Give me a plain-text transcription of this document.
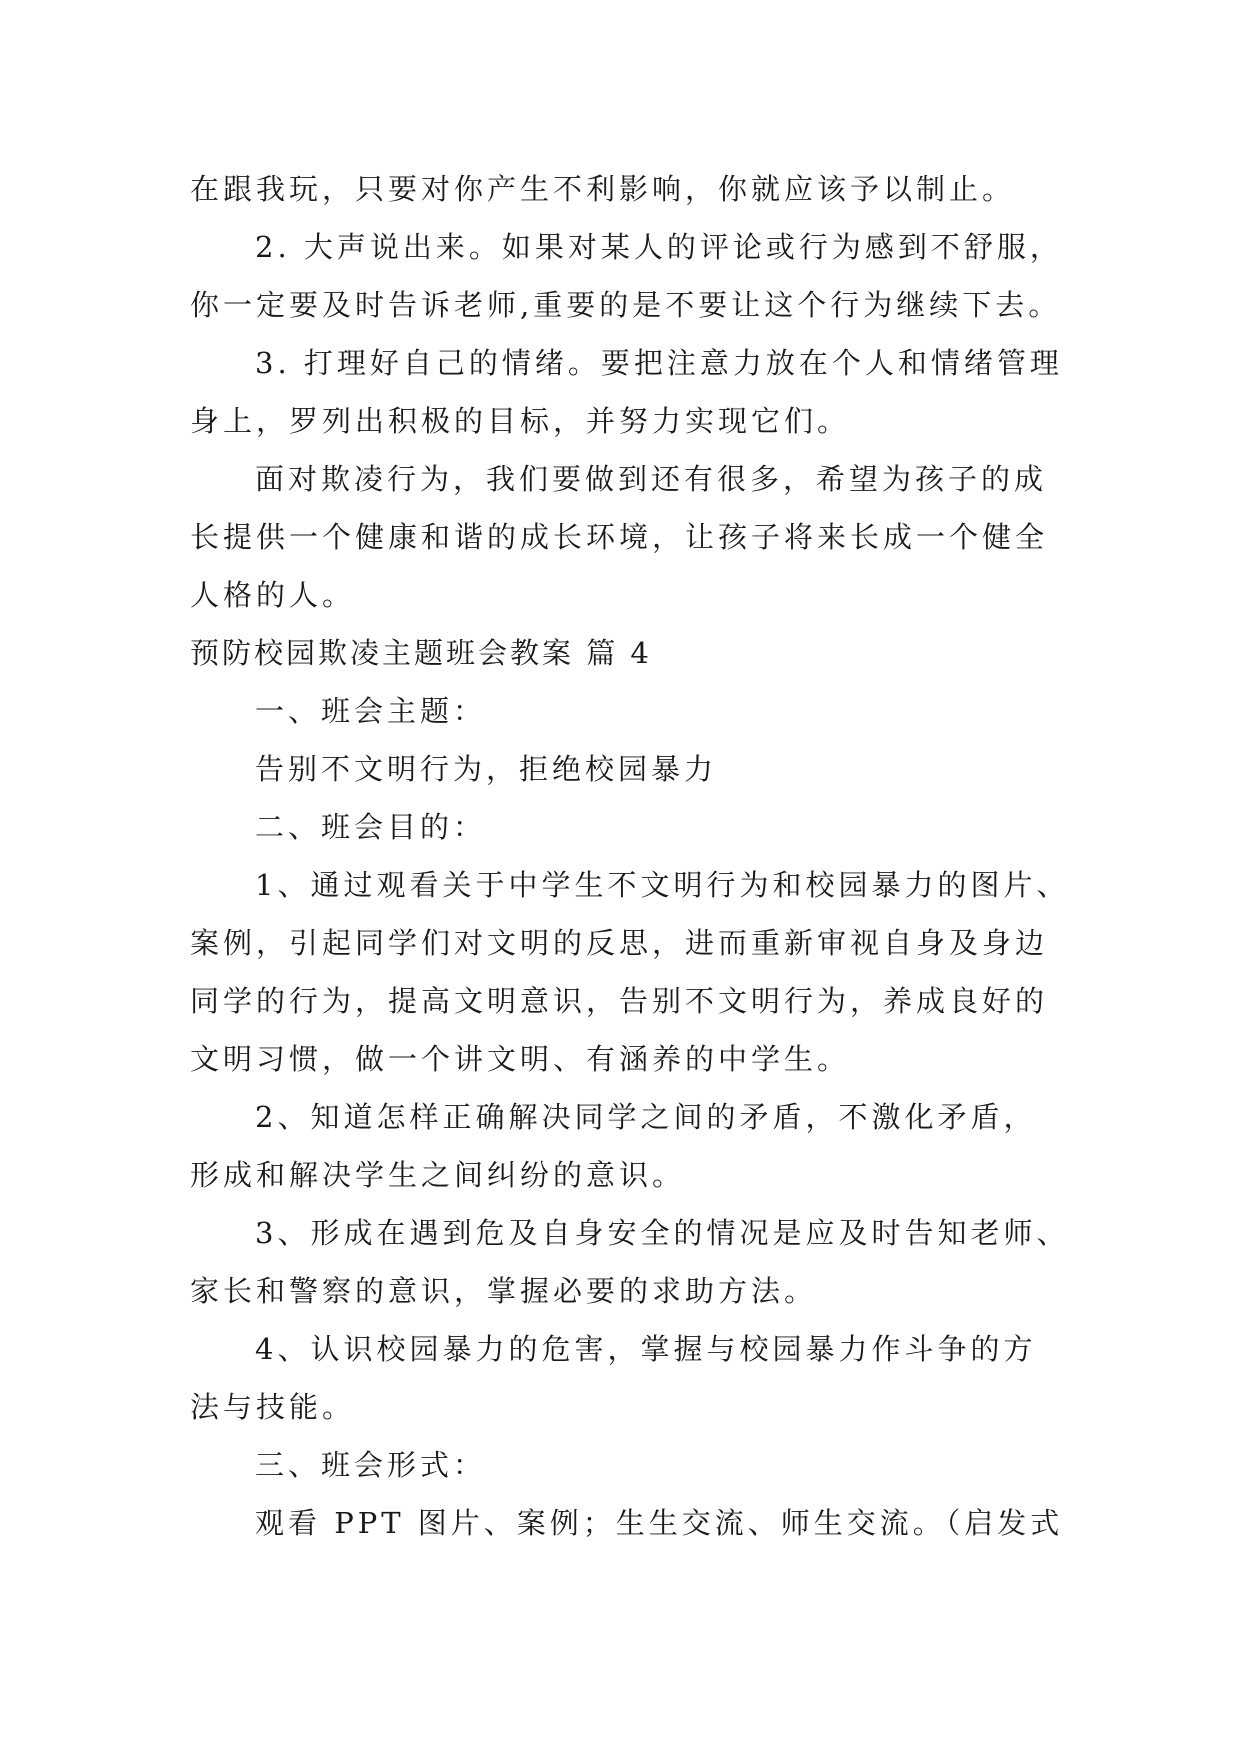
在跟我玩，只要对你产生不利影响，你就应该予以制止。
2. 大声说出来。如果对某人的评论或行为感到不舒服，
你一定要及时告诉老师,重要的是不要让这个行为继续下去。
3. 打理好自己的情绪。要把注意力放在个人和情绪管理
身上，罗列出积极的目标，并努力实现它们。
面对欺凌行为，我们要做到还有很多，希望为孩子的成
长提供一个健康和谐的成长环境，让孩子将来长成一个健全
人格的人。
预防校园欺凌主题班会教案 篇 4
一、班会主题：
告别不文明行为，拒绝校园暴力
二、班会目的：
1、通过观看关于中学生不文明行为和校园暴力的图片、
案例，引起同学们对文明的反思，进而重新审视自身及身边
同学的行为，提高文明意识，告别不文明行为，养成良好的
文明习惯，做一个讲文明、有涵养的中学生。
2、知道怎样正确解决同学之间的矛盾，不激化矛盾，
形成和解决学生之间纠纷的意识。
3、形成在遇到危及自身安全的情况是应及时告知老师、
家长和警察的意识，掌握必要的求助方法。
4、认识校园暴力的危害，掌握与校园暴力作斗争的方
法与技能。
三、班会形式：
观看 PPT 图片、案例；生生交流、师生交流。（启发式
